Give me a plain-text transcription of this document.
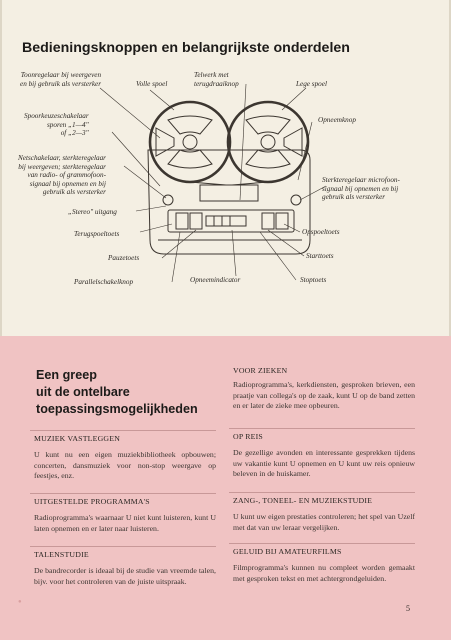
Bedieningsknoppen en belangrijkste onderdelen
Toonregelaar bij weergeven
en bij gebruik als versterker	Volle spoel
Telwerk met
terugdraaiknop	Lege spoel
Spoorkeuzeschakelaar
sporen „1—4"
of „2—3"
Opneemknop
Netschakelaar, sterkteregelaar
bij weergeven; sterkteregelaar
van radio- of grammofoon-
signaal bij opnemen en bij
gebruik als versterker
Sterkteregelaar microfoon-
signaal bij opnemen en bij
gebruik als versterker
„Stereo" uitgang
Terugspoeltoets	Opspoeltoets
Pauzetoets	Starttoets
Parallelschakelknop	Opneemindicator	Stoptoets
Een greep
uit de ontelbare
toepassingsmogelijkheden
MUZIEK VASTLEGGEN
U kunt nu een eigen muziekbibliotheek opbouwen; concerten, dansmuziek voor non-stop weergave op feestjes, enz.
UITGESTELDE PROGRAMMA'S
Radioprogramma's waarnaar U niet kunt luisteren, kunt U laten opnemen en er later naar luisteren.
TALENSTUDIE
De bandrecorder is ideaal bij de studie van vreemde talen, bijv. voor het controleren van de juiste uitspraak.
VOOR ZIEKEN
Radioprogramma's, kerkdiensten, gesproken brieven, een praatje van collega's op de zaak, kunt U op de band zetten en er later de zieke mee opbeuren.
OP REIS
De gezellige avonden en interessante gesprekken tijdens uw vakantie kunt U opnemen en U kunt uw reis opnieuw beleven in de huiskamer.
ZANG-, TONEEL- EN MUZIEKSTUDIE
U kunt uw eigen prestaties controleren; het spel van Uzelf met dat van uw leraar vergelijken.
GELUID BIJ AMATEURFILMS
Filmprogramma's kunnen nu compleet worden gemaakt met gesproken tekst en met achtergrondgeluiden.
●
5
